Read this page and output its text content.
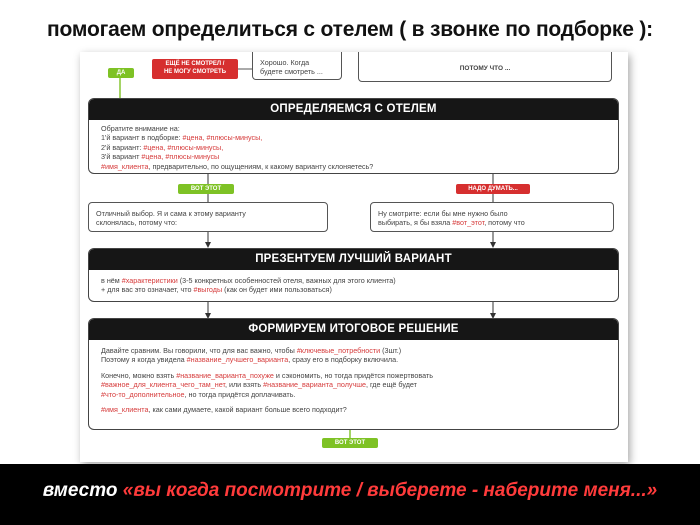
помогаем определиться с отелем ( в звонке по подборке ):
ДА
ЕЩЁ НЕ СМОТРЕЛ /
НЕ МОГУ СМОТРЕТЬ
Хорошо. Когда
будете смотреть ...	ПОТОМУ ЧТО ...
ОПРЕДЕЛЯЕМСЯ С ОТЕЛЕМ

Обратите внимание на:

1'й вариант в подборке: #цена, #плюсы-минусы,

2'й вариант: #цена, #плюсы-минусы,

3'й вариант #цена, #плюсы-минусы

#имя_клиента, предварительно, по ощущениям, к какому варианту склоняетесь?

ВОТ ЭТОТ	НАДО ДУМАТЬ...
Отличный выбор. Я и сама к этому варианту
склонялась, потому что:
Ну смотрите: если бы мне нужно было
выбирать, я бы взяла #вот_этот, потому что
ПРЕЗЕНТУЕМ ЛУЧШИЙ ВАРИАНТ

в нём #характеристики (3-5 конкретных особенностей отеля, важных для этого клиента)

+ для вас это означает, что #выгоды (как он будет ими пользоваться)

ФОРМИРУЕМ ИТОГОВОЕ РЕШЕНИЕ

Давайте сравним. Вы говорили, что для вас важно, чтобы #ключевые_потребности (3шт.)

Поэтому я когда увидела #название_лучшего_варианта, сразу его в подборку включила.

Конечно, можно взять #название_варианта_похуже и сэкономить, но тогда придётся пожертвовать

#важное_для_клиента_чего_там_нет, или взять #название_варианта_получше, где ещё будет

#что-то_дополнительное, но тогда придётся доплачивать.

#имя_клиента, как сами думаете, какой вариант больше всего подходит?

ВОТ ЭТОТ
вместо «вы когда посмотрите / выберете - наберите меня...»
